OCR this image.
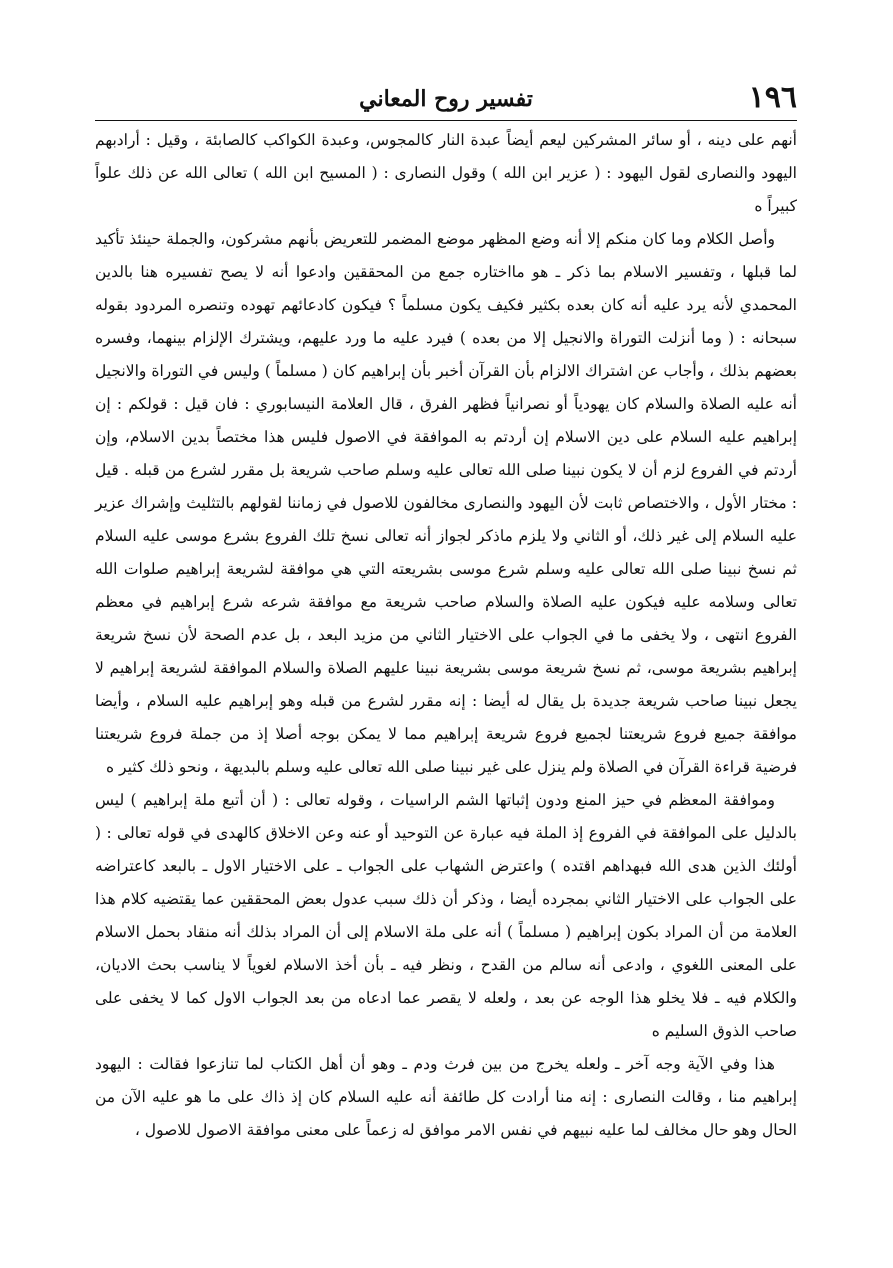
١٩٦
تفسير روح المعاني

أنهم على دينه ، أو سائر المشركين ليعم أيضاً عبدة النار كالمجوس، وعبدة الكواكب كالصابئة ، وقيل : أرادبهم اليهود والنصارى لقول اليهود : ( عزير ابن الله ) وقول النصارى : ( المسيح ابن الله ) تعالى الله عن ذلك علواً كبيراً ه

وأصل الكلام وما كان منكم إلا أنه وضع المظهر موضع المضمر للتعريض بأنهم مشركون، والجملة حينئذ تأكيد لما قبلها ، وتفسير الاسلام بما ذكر ـ هو مااختاره جمع من المحققين وادعوا أنه لا يصح تفسيره هنا بالدين المحمدي لأنه يرد عليه أنه كان بعده بكثير فكيف يكون مسلماً ؟ فيكون كادعائهم تهوده وتنصره المردود بقوله سبحانه : ( وما أنزلت التوراة والانجيل إلا من بعده ) فيرد عليه ما ورد عليهم، ويشترك الإلزام بينهما، وفسره بعضهم بذلك ، وأجاب عن اشتراك الالزام بأن القرآن أخبر بأن إبراهيم كان ( مسلماً ) وليس في التوراة والانجيل أنه عليه الصلاة والسلام كان يهودياً أو نصرانياً فظهر الفرق ، قال العلامة النيسابوري : فان قيل : قولكم : إن إبراهيم عليه السلام على دين الاسلام إن أردتم به الموافقة في الاصول فليس هذا مختصاً بدين الاسلام، وإن أردتم في الفروع لزم أن لا يكون نبينا صلى الله تعالى عليه وسلم صاحب شريعة بل مقرر لشرع من قبله . قيل : مختار الأول ، والاختصاص ثابت لأن اليهود والنصارى مخالفون للاصول في زماننا لقولهم بالتثليث وإشراك عزير عليه السلام إلى غير ذلك، أو الثاني ولا يلزم ماذكر لجواز أنه تعالى نسخ تلك الفروع بشرع موسى عليه السلام ثم نسخ نبينا صلى الله تعالى عليه وسلم شرع موسى بشريعته التي هي موافقة لشريعة إبراهيم صلوات الله تعالى وسلامه عليه فيكون عليه الصلاة والسلام صاحب شريعة مع موافقة شرعه شرع إبراهيم في معظم الفروع انتهى ، ولا يخفى ما في الجواب على الاختيار الثاني من مزيد البعد ، بل عدم الصحة لأن نسخ شريعة إبراهيم بشريعة موسى، ثم نسخ شريعة موسى بشريعة نبينا عليهم الصلاة والسلام الموافقة لشريعة إبراهيم لا يجعل نبينا صاحب شريعة جديدة بل يقال له أيضا : إنه مقرر لشرع من قبله وهو إبراهيم عليه السلام ، وأيضا موافقة جميع فروع شريعتنا لجميع فروع شريعة إبراهيم مما لا يمكن بوجه أصلا إذ من جملة فروع شريعتنا فرضية قراءة القرآن في الصلاة ولم ينزل على غير نبينا صلى الله تعالى عليه وسلم بالبديهة ، ونحو ذلك كثير ه

وموافقة المعظم في حيز المنع ودون إثباتها الشم الراسيات ، وقوله تعالى : ( أن أتبع ملة إبراهيم ) ليس بالدليل على الموافقة في الفروع إذ الملة فيه عبارة عن التوحيد أو عنه وعن الاخلاق كالهدى في قوله تعالى : ( أولئك الذين هدى الله فبهداهم اقتده ) واعترض الشهاب على الجواب ـ على الاختيار الاول ـ بالبعد كاعتراضه على الجواب على الاختيار الثاني بمجرده أيضا ، وذكر أن ذلك سبب عدول بعض المحققين عما يقتضيه كلام هذا العلامة من أن المراد بكون إبراهيم ( مسلماً ) أنه على ملة الاسلام إلى أن المراد بذلك أنه منقاد بحمل الاسلام على المعنى اللغوي ، وادعى أنه سالم من القدح ، ونظر فيه ـ بأن أخذ الاسلام لغوياً لا يناسب بحث الاديان، والكلام فيه ـ فلا يخلو هذا الوجه عن بعد ، ولعله لا يقصر عما ادعاه من بعد الجواب الاول كما لا يخفى على صاحب الذوق السليم ه

هذا وفي الآية وجه آخر ـ ولعله يخرج من بين فرث ودم ـ وهو أن أهل الكتاب لما تنازعوا فقالت : اليهود إبراهيم منا ، وقالت النصارى : إنه منا أرادت كل طائفة أنه عليه السلام كان إذ ذاك على ما هو عليه الآن من الحال وهو حال مخالف لما عليه نبيهم في نفس الامر موافق له زعماً على معنى موافقة الاصول للاصول ،
